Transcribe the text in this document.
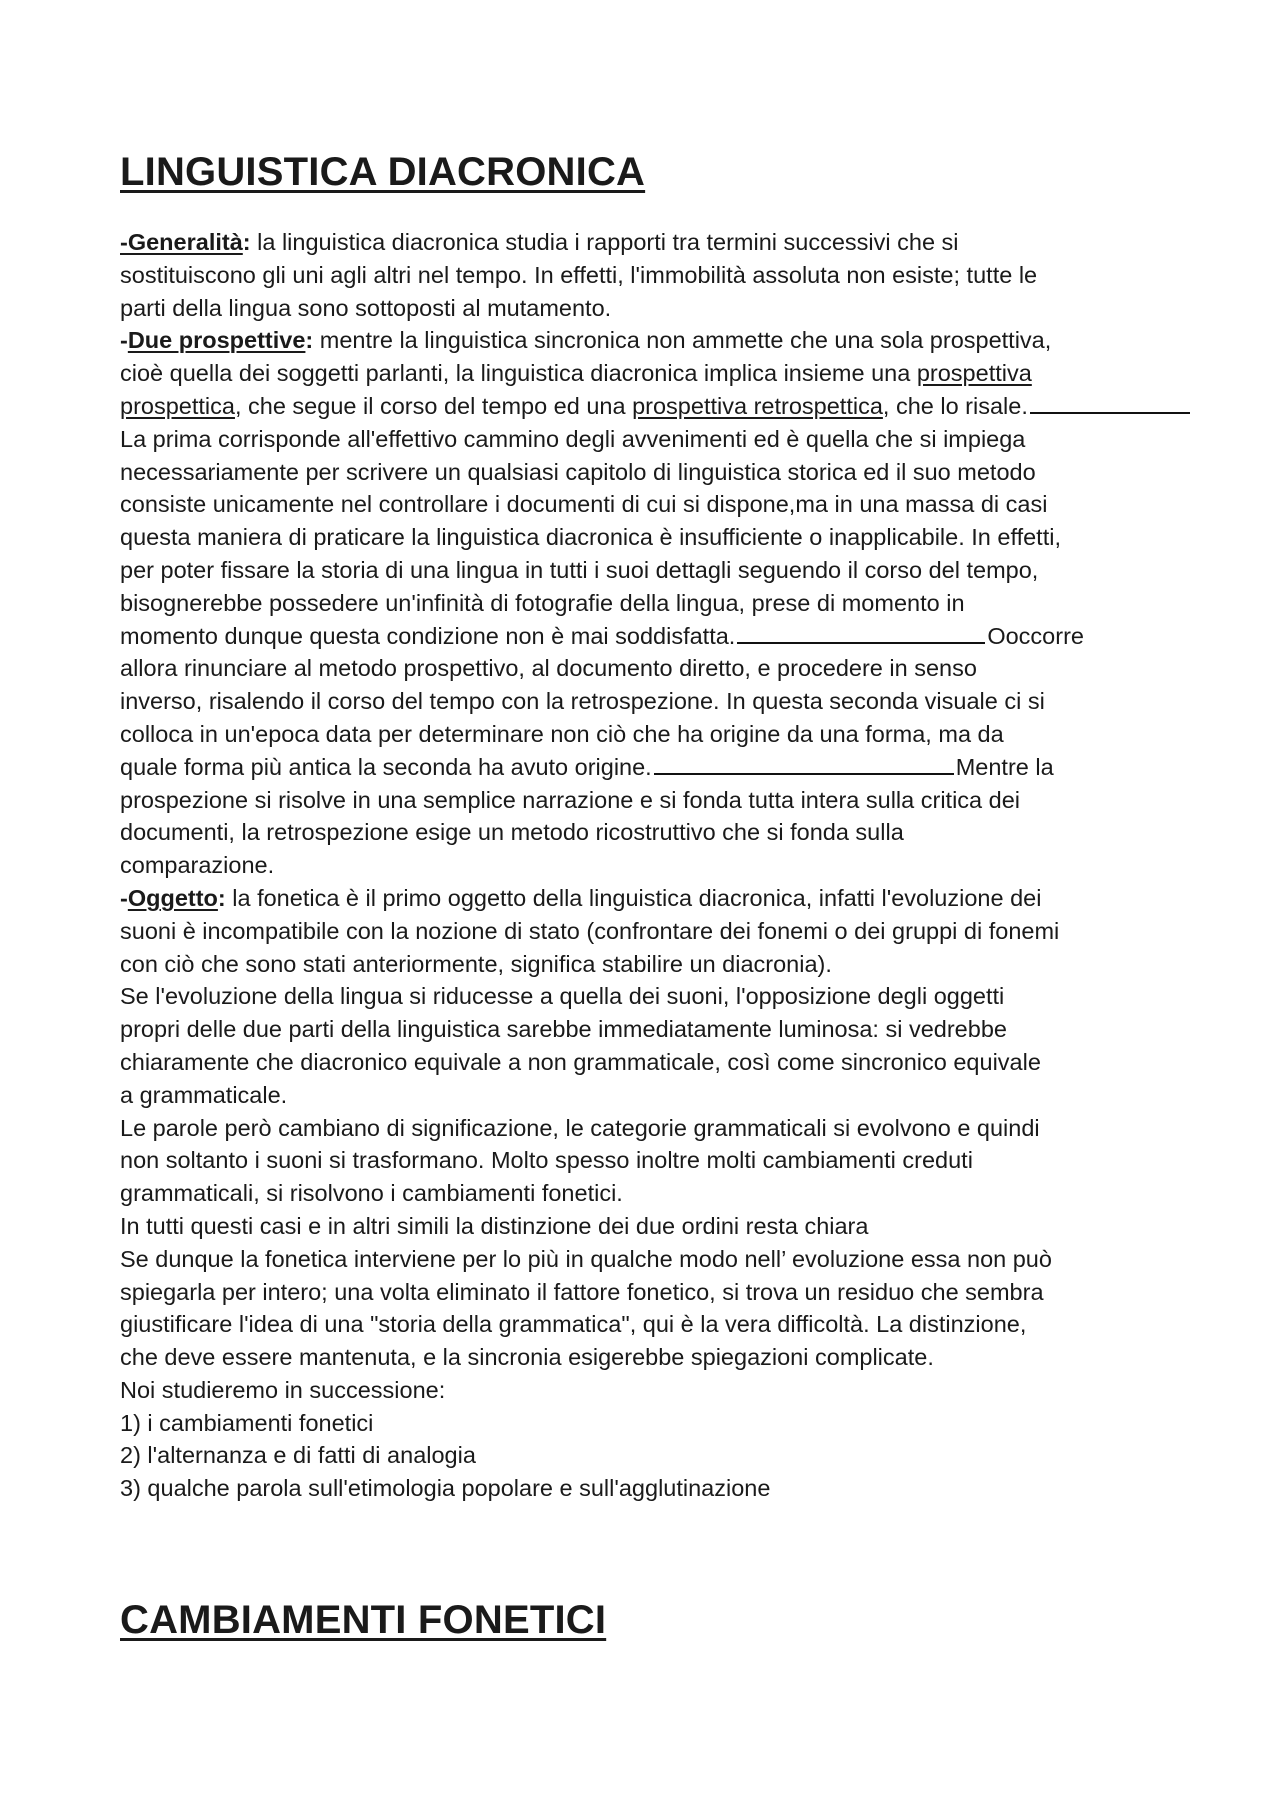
LINGUISTICA DIACRONICA
-Generalità: la linguistica diacronica studia i rapporti tra termini successivi che si
sostituiscono gli uni agli altri nel tempo. In effetti, l'immobilità assoluta non esiste; tutte le
parti della lingua sono sottoposti al mutamento.
-Due prospettive: mentre la linguistica sincronica non ammette che una sola prospettiva,
cioè quella dei soggetti parlanti, la linguistica diacronica implica insieme una prospettiva
prospettica, che segue il corso del tempo ed una prospettiva retrospettica, che lo risale.
La prima corrisponde all'effettivo cammino degli avvenimenti ed è quella che si impiega
necessariamente per scrivere un qualsiasi capitolo di linguistica storica ed il suo metodo
consiste unicamente nel controllare i documenti di cui si dispone,ma in una massa di casi
questa maniera di praticare la linguistica diacronica è insufficiente o inapplicabile. In effetti,
per poter fissare la storia di una lingua in tutti i suoi dettagli seguendo il corso del tempo,
bisognerebbe possedere un'infinità di fotografie della lingua, prese di momento in
momento dunque questa condizione non è mai soddisfatta.	Ooccorre
allora rinunciare al metodo prospettivo, al documento diretto, e procedere in senso
inverso, risalendo il corso del tempo con la retrospezione. In questa seconda visuale ci si
colloca in un'epoca data per determinare non ciò che ha origine da una forma, ma da
quale forma più antica la seconda ha avuto origine.	Mentre la
prospezione si risolve in una semplice narrazione e si fonda tutta intera sulla critica dei
documenti, la retrospezione esige un metodo ricostruttivo che si fonda sulla
comparazione.
-Oggetto: la fonetica è il primo oggetto della linguistica diacronica, infatti l'evoluzione dei
suoni è incompatibile con la nozione di stato (confrontare dei fonemi o dei gruppi di fonemi
con ciò che sono stati anteriormente, significa stabilire un diacronia).
Se l'evoluzione della lingua si riducesse a quella dei suoni, l'opposizione degli oggetti
propri delle due parti della linguistica sarebbe immediatamente luminosa: si vedrebbe
chiaramente che diacronico equivale a non grammaticale, così come sincronico equivale
a grammaticale.
Le parole però cambiano di significazione, le categorie grammaticali si evolvono e quindi
non soltanto i suoni si trasformano. Molto spesso inoltre molti cambiamenti creduti
grammaticali, si risolvono i cambiamenti fonetici.
In tutti questi casi e in altri simili la distinzione dei due ordini resta chiara
Se dunque la fonetica interviene per lo più in qualche modo nell’ evoluzione essa non può
spiegarla per intero; una volta eliminato il fattore fonetico, si trova un residuo che sembra
giustificare l'idea di una "storia della grammatica", qui è la vera difficoltà. La distinzione,
che deve essere mantenuta, e la sincronia esigerebbe spiegazioni complicate.
Noi studieremo in successione:
1) i cambiamenti fonetici
2) l'alternanza e di fatti di analogia
3) qualche parola sull'etimologia popolare e sull'agglutinazione
CAMBIAMENTI FONETICI
